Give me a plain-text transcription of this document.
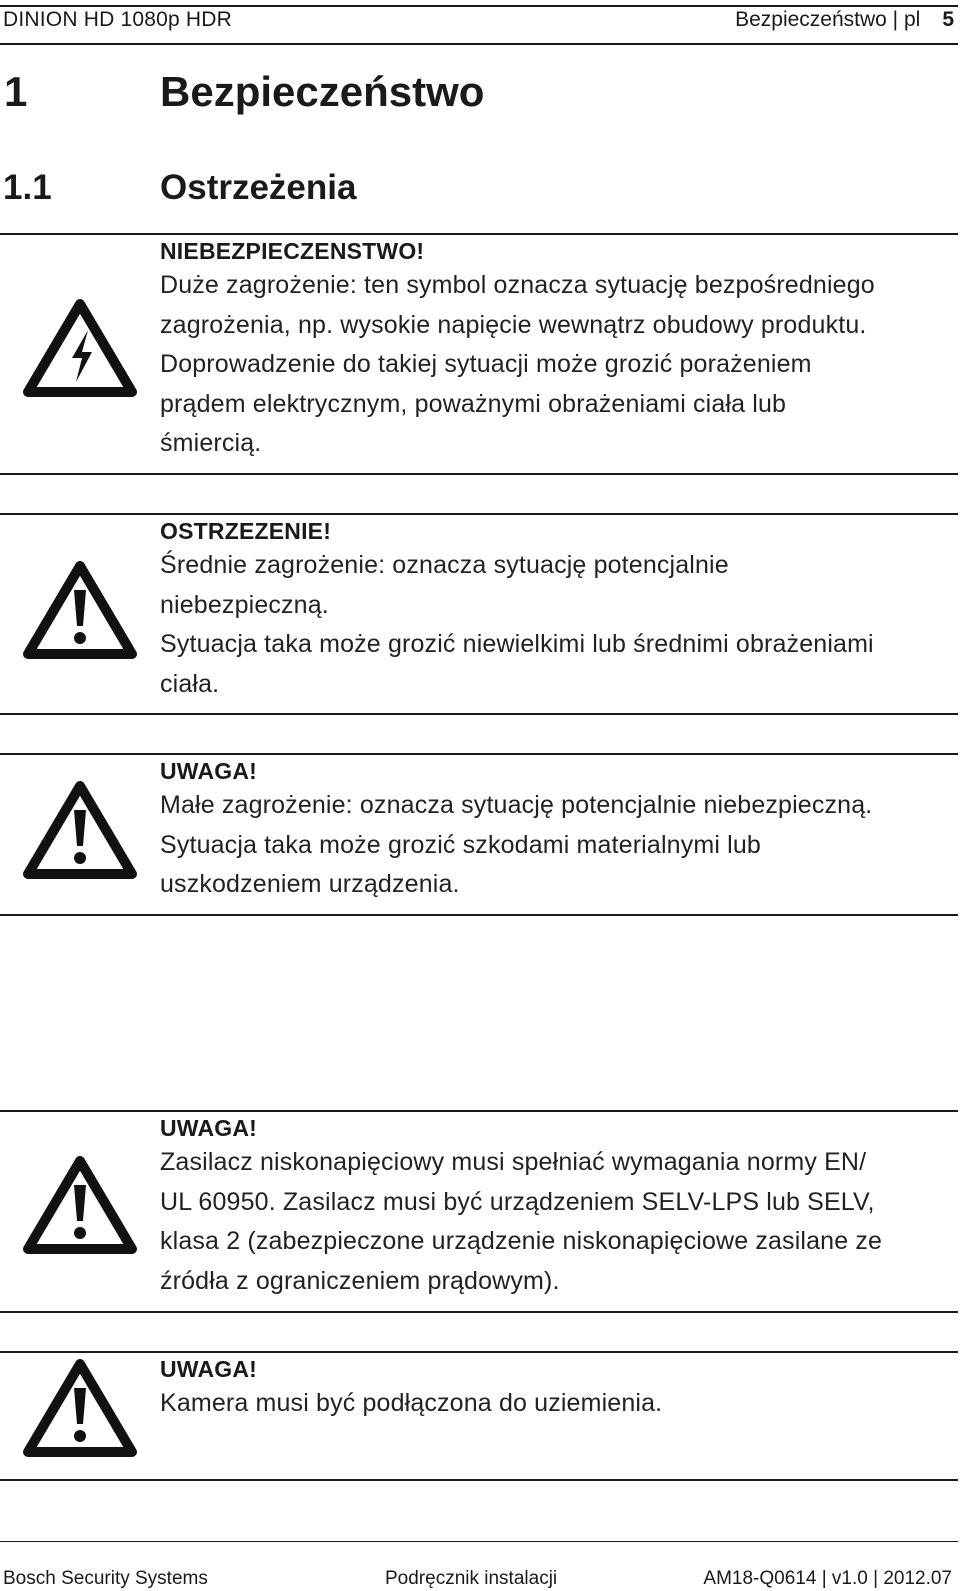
DINION HD 1080p HDR	Bezpieczeństwo | pl 5
1	Bezpieczeństwo
1.1	Ostrzeżenia
NIEBEZPIECZENSTWO!
Duże zagrożenie: ten symbol oznacza sytuację bezpośredniego
zagrożenia, np. wysokie napięcie wewnątrz obudowy produktu.
Doprowadzenie do takiej sytuacji może grozić porażeniem
prądem elektrycznym, poważnymi obrażeniami ciała lub
śmiercią.
OSTRZEZENIE!
Średnie zagrożenie: oznacza sytuację potencjalnie
niebezpieczną.
Sytuacja taka może grozić niewielkimi lub średnimi obrażeniami
ciała.
UWAGA!
Małe zagrożenie: oznacza sytuację potencjalnie niebezpieczną.
Sytuacja taka może grozić szkodami materialnymi lub
uszkodzeniem urządzenia.
UWAGA!
Zasilacz niskonapięciowy musi spełniać wymagania normy EN/
UL 60950. Zasilacz musi być urządzeniem SELV-LPS lub SELV,
klasa 2 (zabezpieczone urządzenie niskonapięciowe zasilane ze
źródła z ograniczeniem prądowym).
UWAGA!
Kamera musi być podłączona do uziemienia.
Bosch Security Systems	Podręcznik instalacji	AM18-Q0614 | v1.0 | 2012.07
